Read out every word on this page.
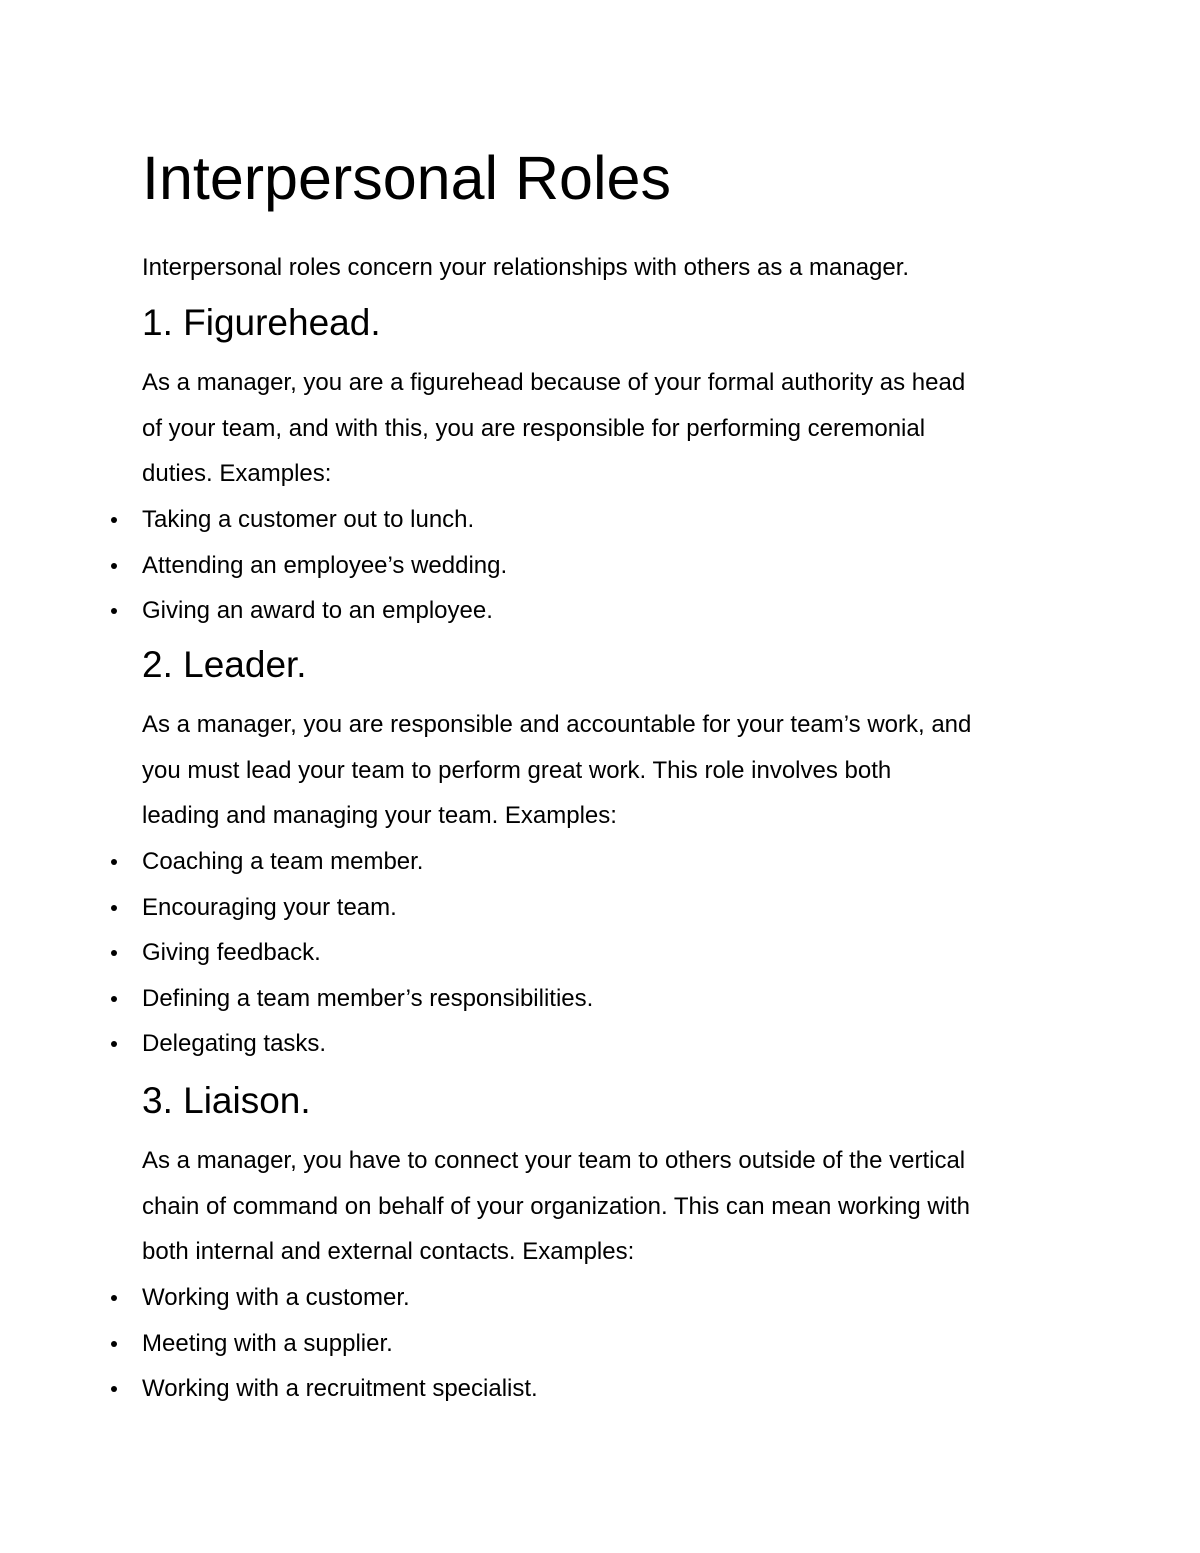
Interpersonal Roles

Interpersonal roles concern your relationships with others as a manager.

1. Figurehead.

As a manager, you are a figurehead because of your formal authority as head
of your team, and with this, you are responsible for performing ceremonial
duties. Examples:

Taking a customer out to lunch.
Attending an employee’s wedding.
Giving an award to an employee.
2. Leader.

As a manager, you are responsible and accountable for your team’s work, and
you must lead your team to perform great work. This role involves both
leading and managing your team. Examples:

Coaching a team member.
Encouraging your team.
Giving feedback.
Defining a team member’s responsibilities.
Delegating tasks.
3. Liaison.

As a manager, you have to connect your team to others outside of the vertical
chain of command on behalf of your organization. This can mean working with
both internal and external contacts. Examples:

Working with a customer.
Meeting with a supplier.
Working with a recruitment specialist.
